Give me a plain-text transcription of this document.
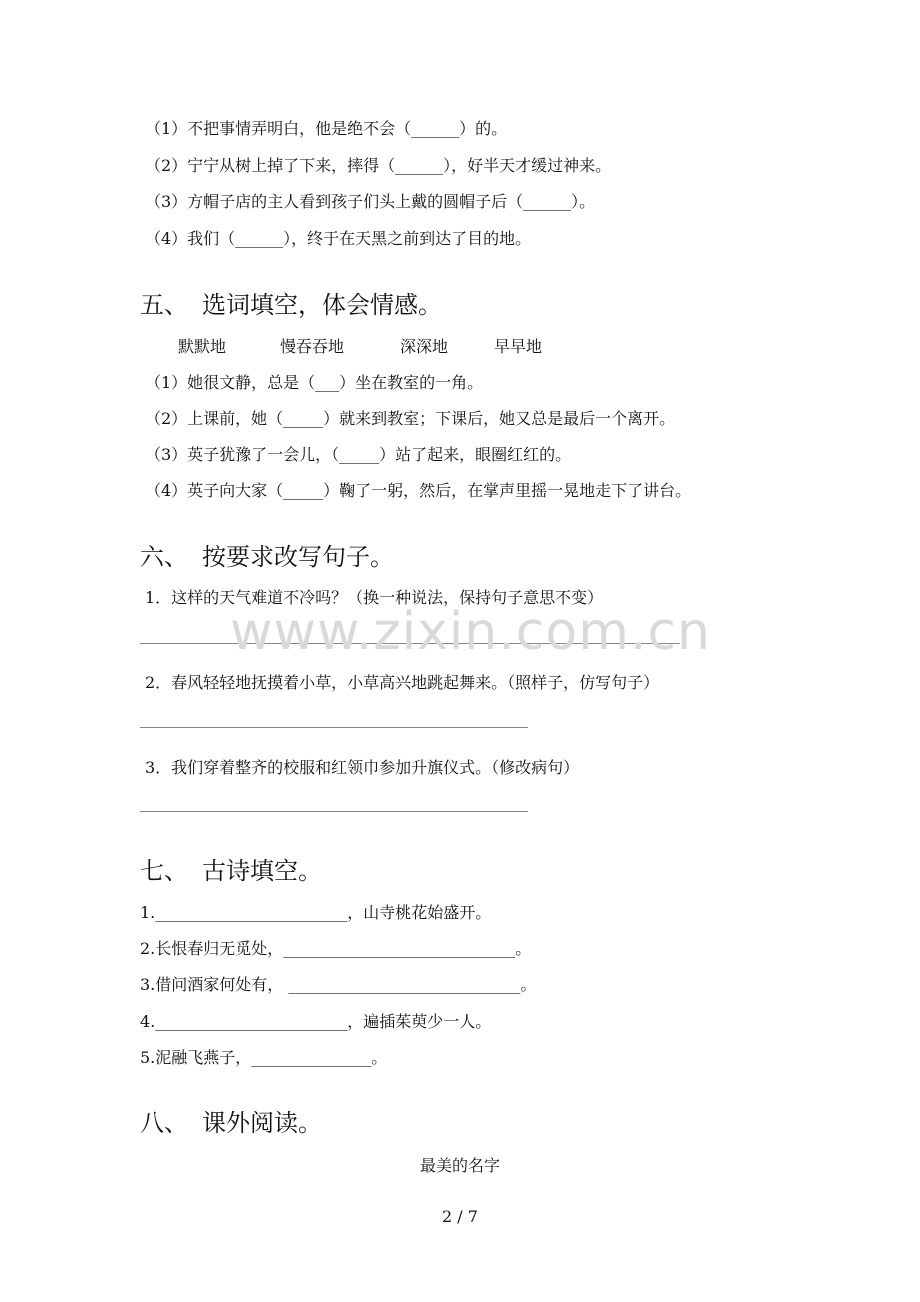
（1）不把事情弄明白，他是绝不会（______）的。
（2）宁宁从树上掉了下来，摔得（______），好半天才缓过神来。
（3）方帽子店的主人看到孩子们头上戴的圆帽子后（______）。
（4）我们（______），终于在天黑之前到达了目的地。
五、 选词填空，体会情感。
默默地	慢吞吞地	深深地	早早地
（1）她很文静，总是（___）坐在教室的一角。
（2）上课前，她（_____）就来到教室；下课后，她又总是最后一个离开。
（3）英子犹豫了一会儿，（_____）站了起来，眼圈红红的。
（4）英子向大家（_____）鞠了一躬，然后，在掌声里摇一晃地走下了讲台。
六、 按要求改写句子。
1．这样的天气难道不冷吗？（换一种说法，保持句子意思不变）
2．春风轻轻地抚摸着小草，小草高兴地跳起舞来。（照样子，仿写句子）
3．我们穿着整齐的校服和红领巾参加升旗仪式。（修改病句）
www.zixin.com.cn
七、 古诗填空。
1.________________________，山寺桃花始盛开。
2.长恨春归无觅处，_____________________________。
3.借问酒家何处有， _____________________________。
4.________________________，遍插茱萸少一人。
5.泥融飞燕子，_______________。
八、 课外阅读。
最美的名字
2 / 7
